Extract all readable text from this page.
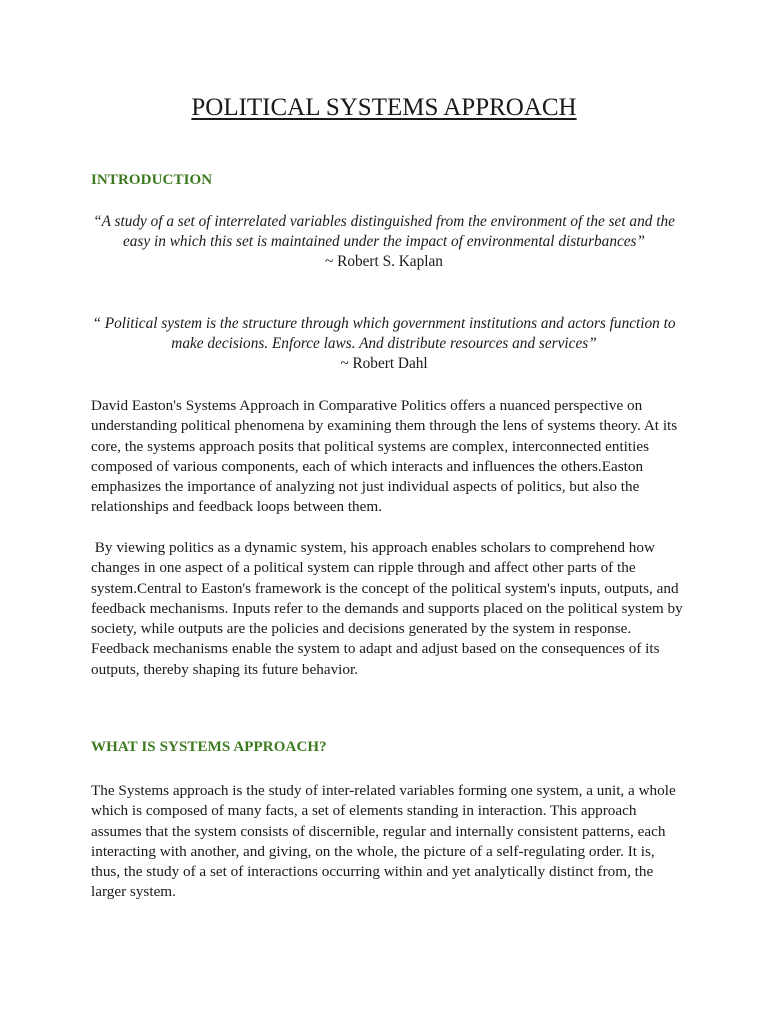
POLITICAL SYSTEMS APPROACH
INTRODUCTION

“A study of a set of interrelated variables distinguished from the environment of the set and the easy in which this set is maintained under the impact of environmental disturbances”
~ Robert S. Kaplan

“ Political system is the structure through which government institutions and actors function to make decisions. Enforce laws. And distribute resources and services”
~ Robert Dahl

David Easton's Systems Approach in Comparative Politics offers a nuanced perspective on understanding political phenomena by examining them through the lens of systems theory. At its core, the systems approach posits that political systems are complex, interconnected entities composed of various components, each of which interacts and influences the others.Easton emphasizes the importance of analyzing not just individual aspects of politics, but also the relationships and feedback loops between them.

By viewing politics as a dynamic system, his approach enables scholars to comprehend how changes in one aspect of a political system can ripple through and affect other parts of the system.Central to Easton's framework is the concept of the political system's inputs, outputs, and feedback mechanisms. Inputs refer to the demands and supports placed on the political system by society, while outputs are the policies and decisions generated by the system in response. Feedback mechanisms enable the system to adapt and adjust based on the consequences of its outputs, thereby shaping its future behavior.

WHAT IS SYSTEMS APPROACH?

The Systems approach is the study of inter-related variables forming one system, a unit, a whole which is composed of many facts, a set of elements standing in interaction. This approach assumes that the system consists of discernible, regular and internally consistent patterns, each interacting with another, and giving, on the whole, the picture of a self-regulating order. It is, thus, the study of a set of interactions occurring within and yet analytically distinct from, the larger system.
